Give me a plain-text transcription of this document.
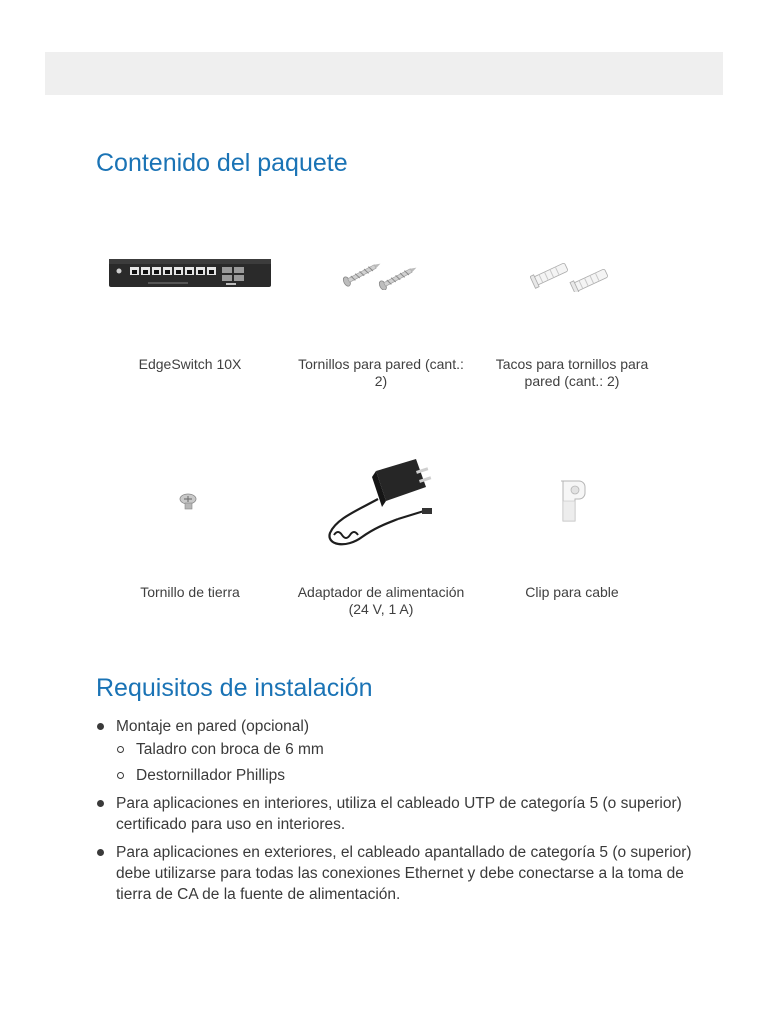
Contenido del paquete
EdgeSwitch 10X	Tornillos para pared (cant.: 2)
Tacos para tornillos para pared (cant.: 2)
Tornillo de tierra	Adaptador de alimentación (24 V, 1 A)
Clip para cable
Requisitos de instalación
Montaje en pared (opcional)
Taladro con broca de 6 mm
Destornillador Phillips
Para aplicaciones en interiores, utiliza el cableado UTP de categoría 5 (o superior) certificado para uso en interiores.
Para aplicaciones en exteriores, el cableado apantallado de categoría 5 (o superior) debe utilizarse para todas las conexiones Ethernet y debe conectarse a la toma de tierra de CA de la fuente de alimentación.
